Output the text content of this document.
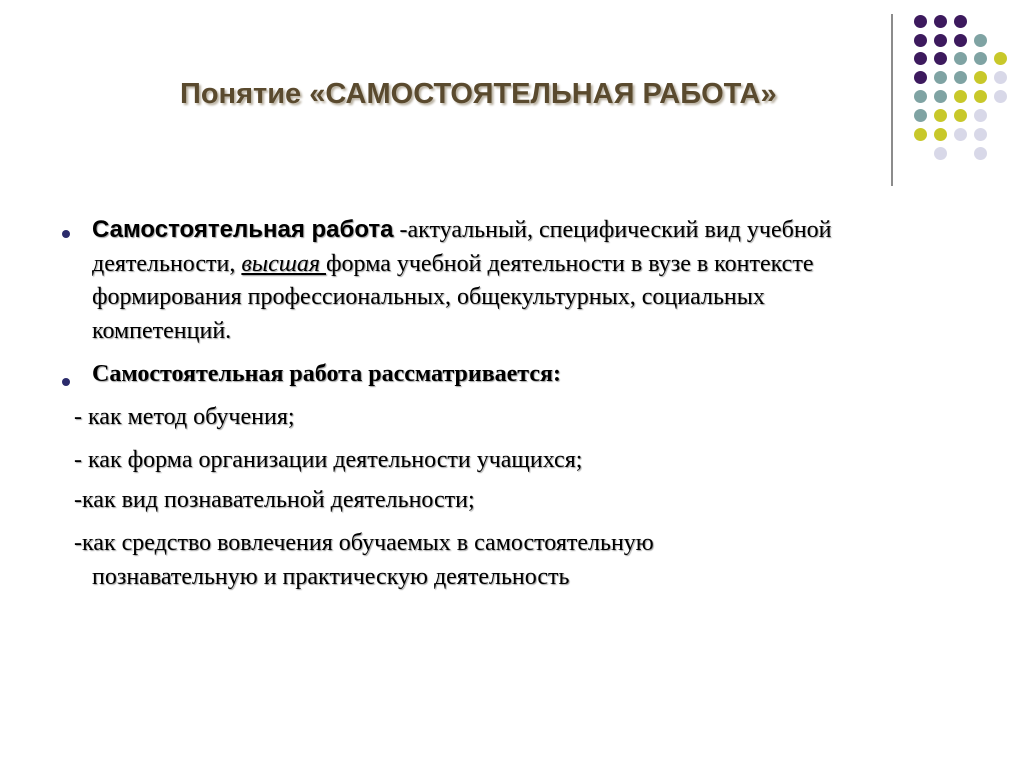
Понятие «САМОСТОЯТЕЛЬНАЯ РАБОТА»
Самостоятельная работа -актуальный, специфический вид учебной деятельности, высшая форма учебной деятельности в вузе в контексте формирования профессиональных, общекультурных, социальных компетенций.
Самостоятельная работа рассматривается:
- как метод обучения;
- как форма организации деятельности учащихся;
-как вид познавательной деятельности;
-как средство вовлечения обучаемых в самостоятельную
познавательную и практическую деятельность
